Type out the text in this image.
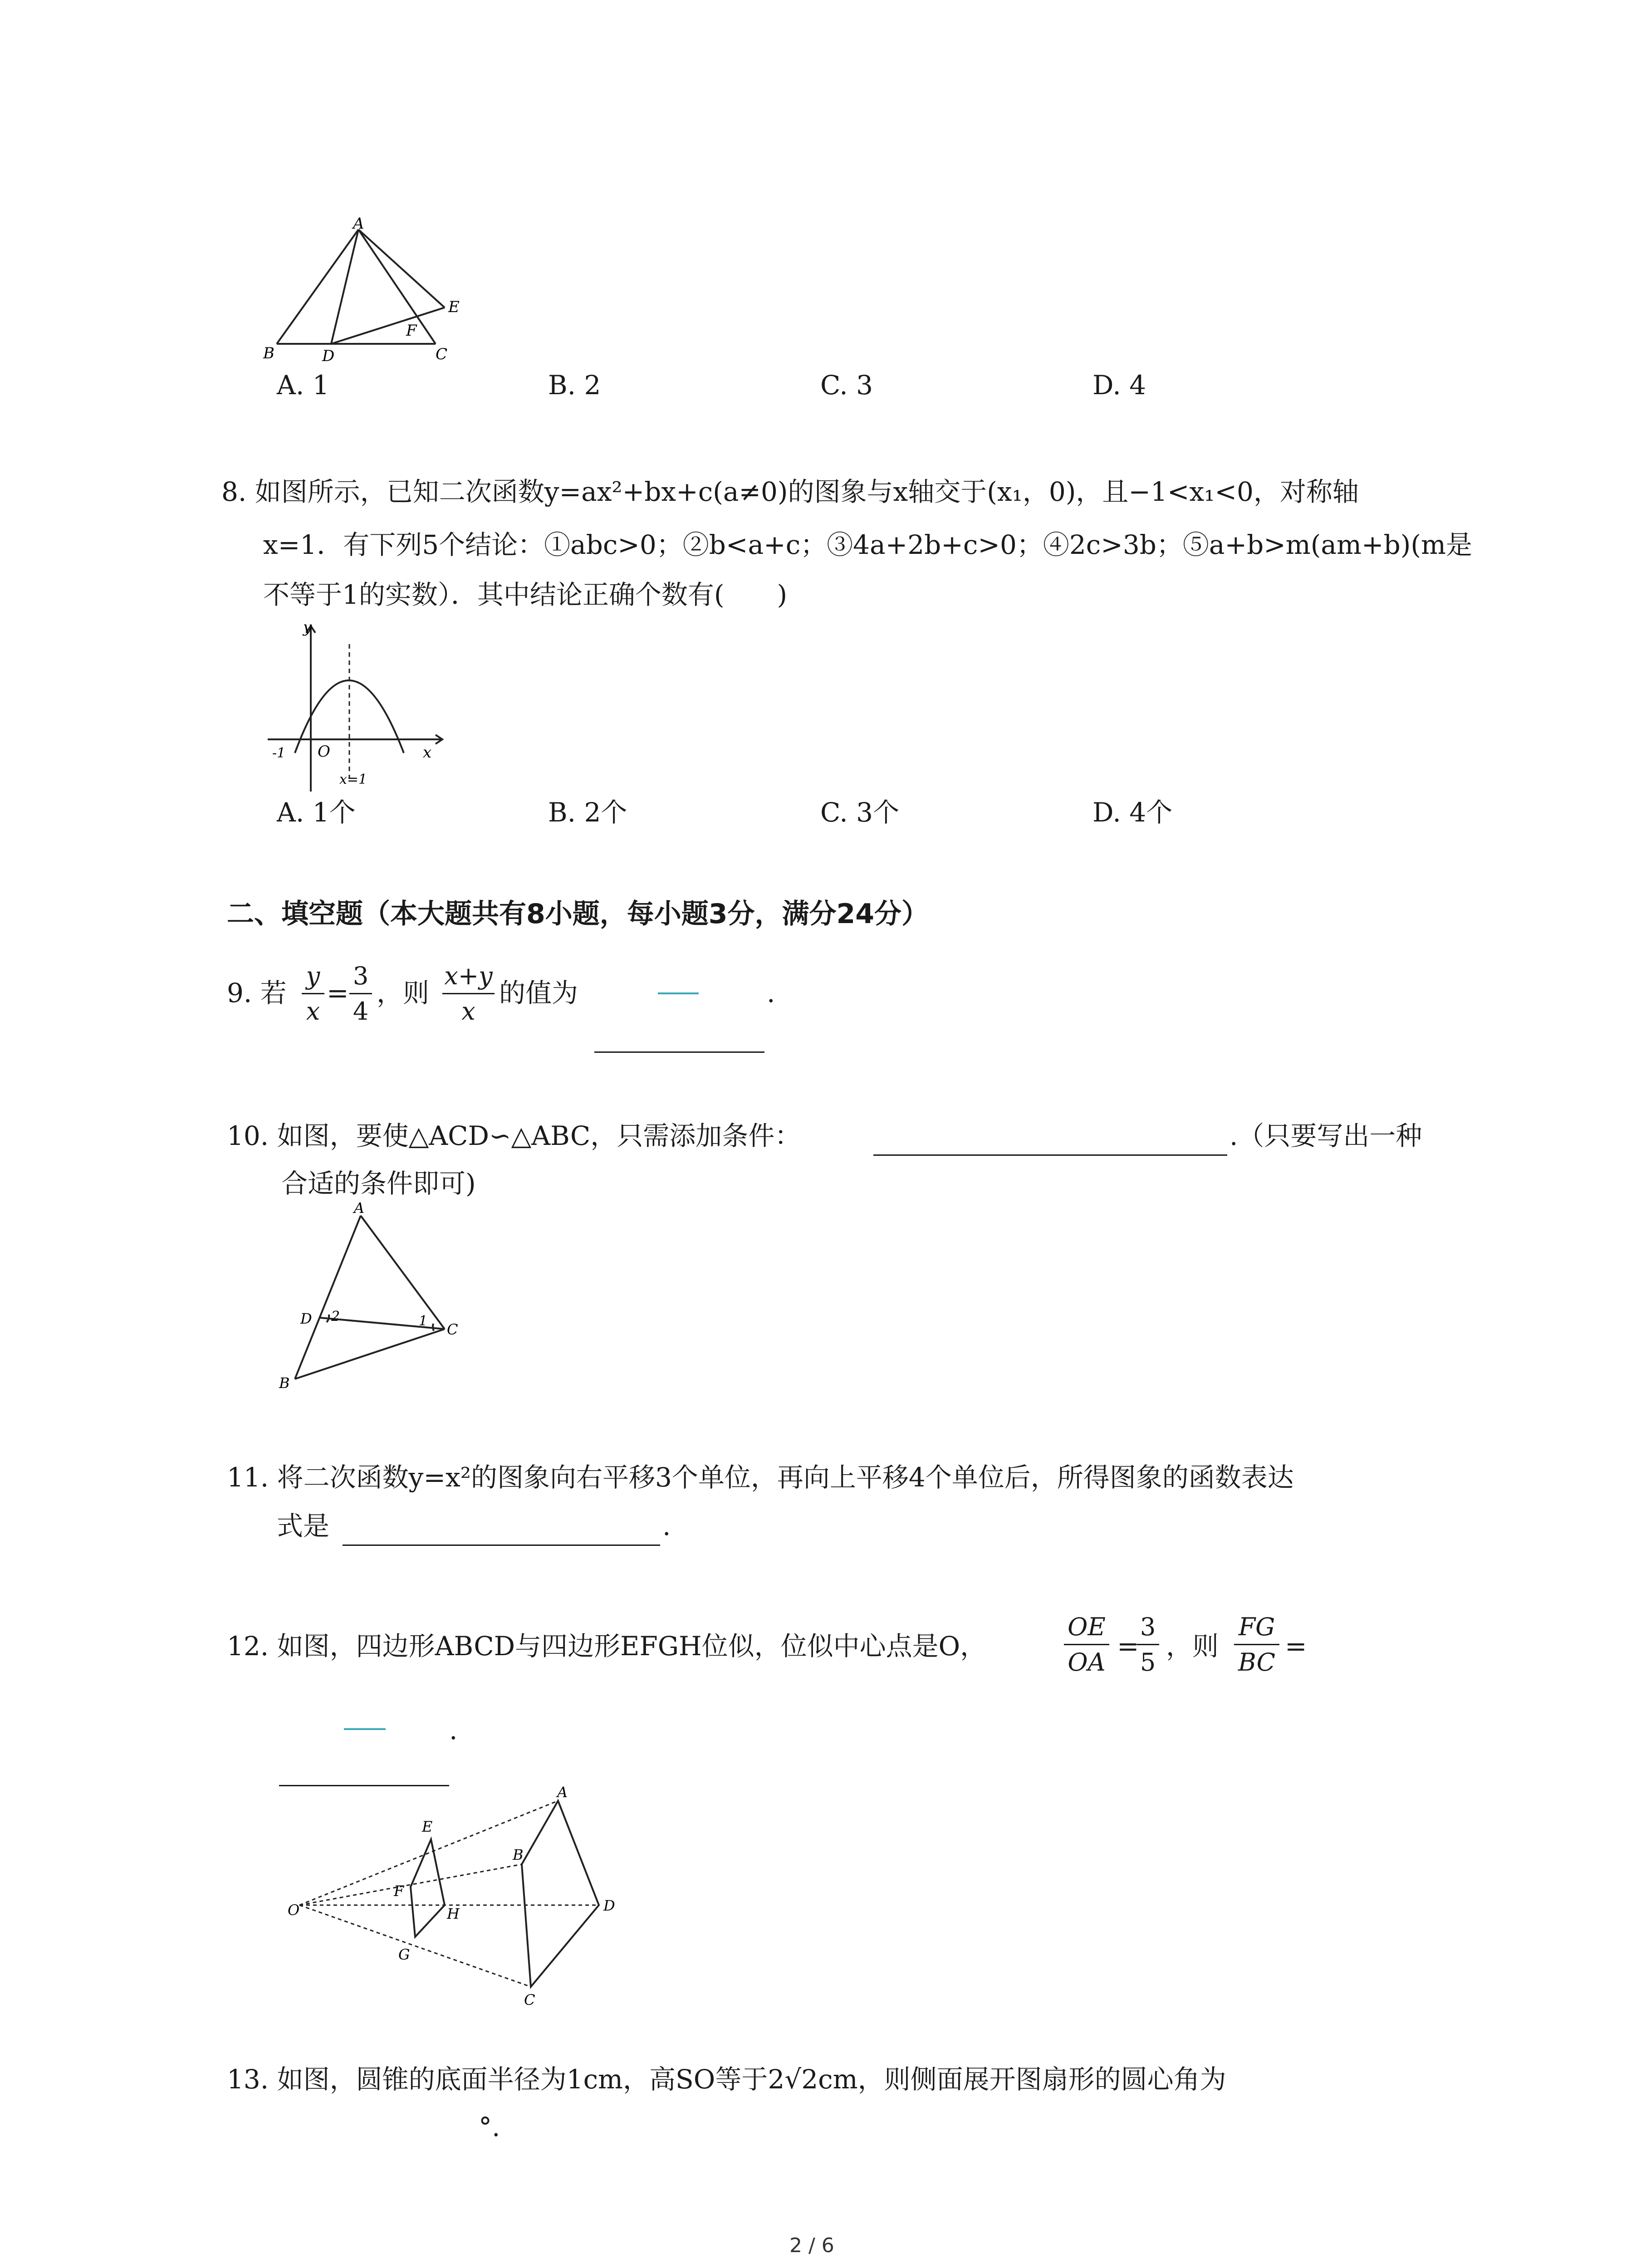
A
B	D
F
E
C
A. 1	B. 2	C. 3	D. 4
8. 如图所示，已知二次函数y=ax²+bx+c(a≠0)的图象与x轴交于(x₁，0)，且−1<x₁<0，对称轴
x=1．有下列5个结论：①abc>0；②b<a+c；③4a+2b+c>0；④2c>3b；⑤a+b>m(am+b)(m是
不等于1的实数）．其中结论正确个数有(　　)
y
x
-1 O
x=1
A. 1个	B. 2个	C. 3个	D. 4个
二、填空题（本大题共有8小题，每小题3分，满分24分）
9. 若
y
x
=
3
4
，则
x+y
x
的值为	.
10. 如图，要使△ACD∽△ABC，只需添加条件：	.（只要写出一种
合适的条件即可)
A
D 2	1 C
B
11. 将二次函数y=x²的图象向右平移3个单位，再向上平移4个单位后，所得图象的函数表达
式是	.
12. 如图，四边形ABCD与四边形EFGH位似，位似中心点是O，
OE
OA
=
3
5
，则
FG
BC
=
.
O
E
F
G
H
A
B
C
D
13. 如图，圆锥的底面半径为1cm，高SO等于2√2cm，则侧面展开图扇形的圆心角为
°.
2 / 6
